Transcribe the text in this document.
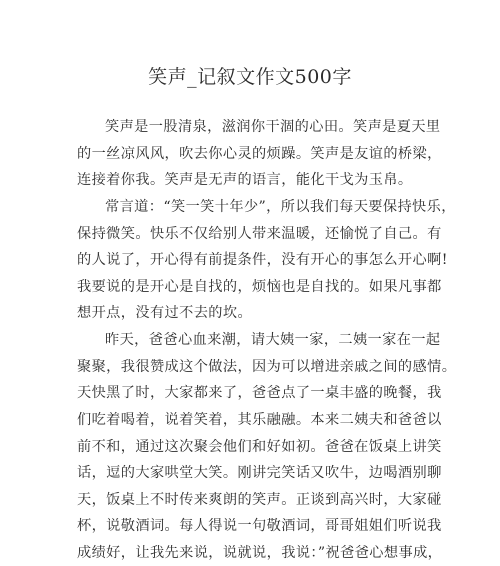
笑声_记叙文作文500字
笑声是一股清泉，滋润你干涸的心田。笑声是夏天里
的一丝凉风风，吹去你心灵的烦躁。笑声是友谊的桥梁，
连接着你我。笑声是无声的语言，能化干戈为玉帛。
常言道：“笑一笑十年少”，所以我们每天要保持快乐，
保持微笑。快乐不仅给别人带来温暖，还愉悦了自己。有
的人说了，开心得有前提条件，没有开心的事怎么开心啊!
我要说的是开心是自找的，烦恼也是自找的。如果凡事都
想开点，没有过不去的坎。
昨天，爸爸心血来潮，请大姨一家，二姨一家在一起
聚聚，我很赞成这个做法，因为可以增进亲戚之间的感情。
天快黑了时，大家都来了，爸爸点了一桌丰盛的晚餐，我
们吃着喝着，说着笑着，其乐融融。本来二姨夫和爸爸以
前不和，通过这次聚会他们和好如初。爸爸在饭桌上讲笑
话，逗的大家哄堂大笑。刚讲完笑话又吹牛，边喝酒别聊
天，饭桌上不时传来爽朗的笑声。正谈到高兴时，大家碰
杯，说敬酒词。每人得说一句敬酒词，哥哥姐姐们听说我
成绩好，让我先来说，说就说，我说：”祝爸爸心想事成，
